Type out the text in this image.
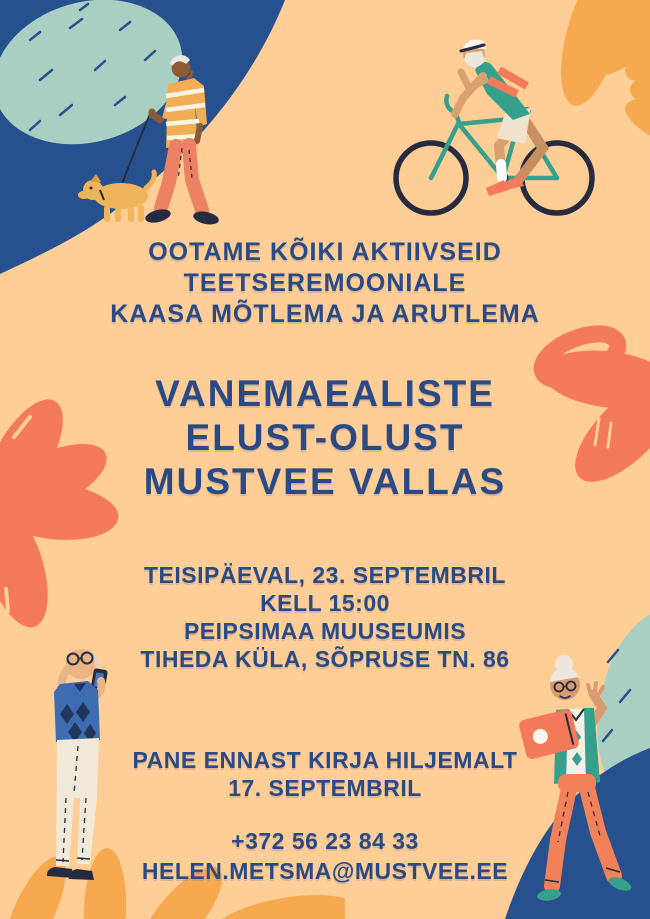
OOTAME KÕIKI AKTIIVSEID
TEETSEREMOONIALE
KAASA MÕTLEMA JA ARUTLEMA
VANEMAEALISTE
ELUST-OLUST
MUSTVEE VALLAS
TEISIPÄEVAL, 23. SEPTEMBRIL
KELL 15:00
PEIPSIMAA MUUSEUMIS
TIHEDA KÜLA, SÕPRUSE TN. 86
PANE ENNAST KIRJA HILJEMALT
17. SEPTEMBRIL
+372 56 23 84 33
HELEN.METSMA@MUSTVEE.EE
